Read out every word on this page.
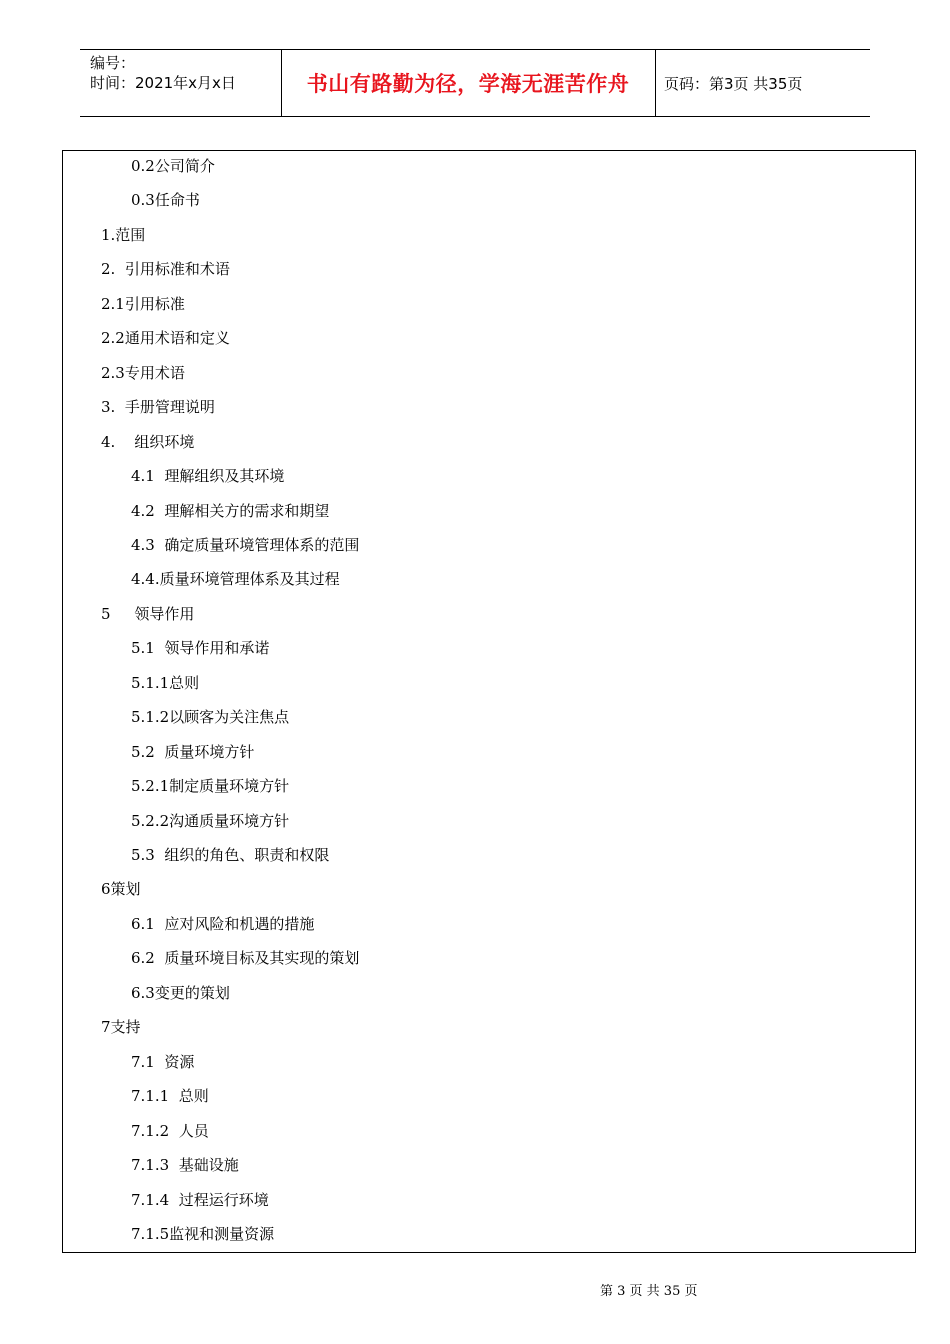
编号：
时间：2021年x月x日	书山有路勤为径，学海无涯苦作舟	页码：第3页 共35页
0.2公司简介
0.3任命书
1.范围
2.  引用标准和术语
2.1引用标准
2.2通用术语和定义
2.3专用术语
3.  手册管理说明
4.    组织环境
4.1  理解组织及其环境
4.2  理解相关方的需求和期望
4.3  确定质量环境管理体系的范围
4.4.质量环境管理体系及其过程
5     领导作用
5.1  领导作用和承诺
5.1.1总则
5.1.2以顾客为关注焦点
5.2  质量环境方针
5.2.1制定质量环境方针
5.2.2沟通质量环境方针
5.3  组织的角色、职责和权限
6策划
6.1  应对风险和机遇的措施
6.2  质量环境目标及其实现的策划
6.3变更的策划
7支持
7.1  资源
7.1.1  总则
7.1.2  人员
7.1.3  基础设施
7.1.4  过程运行环境
7.1.5监视和测量资源
第 3 页 共 35 页
